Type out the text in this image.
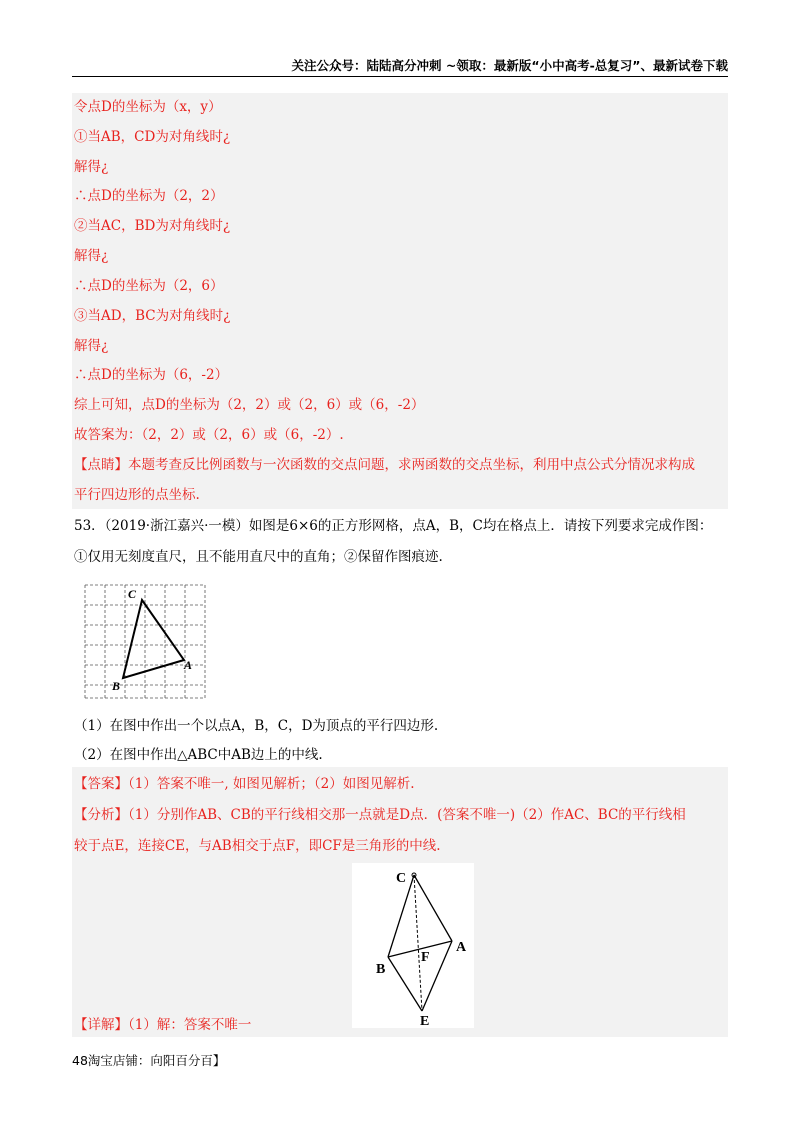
关注公众号：陆陆高分冲刺 ~领取：最新版“小中高考-总复习”、最新试卷下载
令点D的坐标为（x，y）
①当AB，CD为对角线时¿
解得¿
∴点D的坐标为（2，2）
②当AC，BD为对角线时¿
解得¿
∴点D的坐标为（2，6）
③当AD，BC为对角线时¿
解得¿
∴点D的坐标为（6，-2）
综上可知，点D的坐标为（2，2）或（2，6）或（6，-2）
故答案为：（2，2）或（2，6）或（6，-2）.
【点睛】本题考查反比例函数与一次函数的交点问题，求两函数的交点坐标，利用中点公式分情况求构成
平行四边形的点坐标.
53．（2019·浙江嘉兴·一模）如图是6×6的正方形网格，点A，B，C均在格点上．请按下列要求完成作图：
①仅用无刻度直尺，且不能用直尺中的直角；②保留作图痕迹.
C
A
B
（1）在图中作出一个以点A，B，C，D为顶点的平行四边形.
（2）在图中作出△ABC中AB边上的中线.
【答案】（1）答案不唯一, 如图见解析；（2）如图见解析.
【分析】（1）分别作AB、CB的平行线相交那一点就是D点．(答案不唯一)（2）作AC、BC的平行线相
较于点E，连接CE，与AB相交于点F，即CF是三角形的中线.
C
A
B
F
E
【详解】（1）解：答案不唯一
48淘宝店铺：向阳百分百】
